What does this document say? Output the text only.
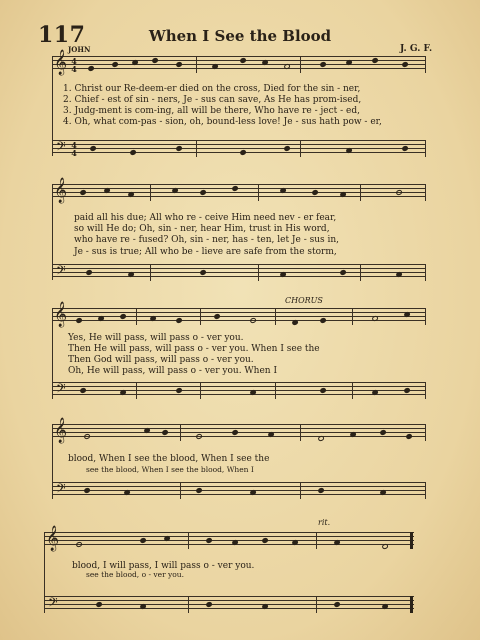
117	When I See the Blood
JOHN	J. G. F.
𝄞 4
4
1. Christ our Re-deem-er died on the cross, Died for the sin - ner,
2. Chief - est of sin - ners, Je - sus can save, As He has prom-ised,
3. Judg-ment is com-ing, all will be there, Who have re - ject - ed,
4. Oh, what com-pas - sion, oh, bound-less love! Je - sus hath pow - er,
𝄢 4
4
𝄞
paid all his due; All who re - ceive Him need nev - er fear,
so will He do; Oh, sin - ner, hear Him, trust in His word,
who have re - fused? Oh, sin - ner, has - ten, let Je - sus in,
Je - sus is true; All who be - lieve are safe from the storm,
𝄢
CHORUS
𝄞
Yes, He will pass, will pass o - ver you.
Then He will pass, will pass o - ver you. When I see the
Then God will pass, will pass o - ver you.
Oh, He will pass, will pass o - ver you. When I
𝄢
𝄞
blood, When I see the blood, When I see the
see the blood, When I see the blood, When I
𝄢
rit.
𝄞
blood, I will pass, I will pass o - ver you.
see the blood, o - ver you.
𝄢
